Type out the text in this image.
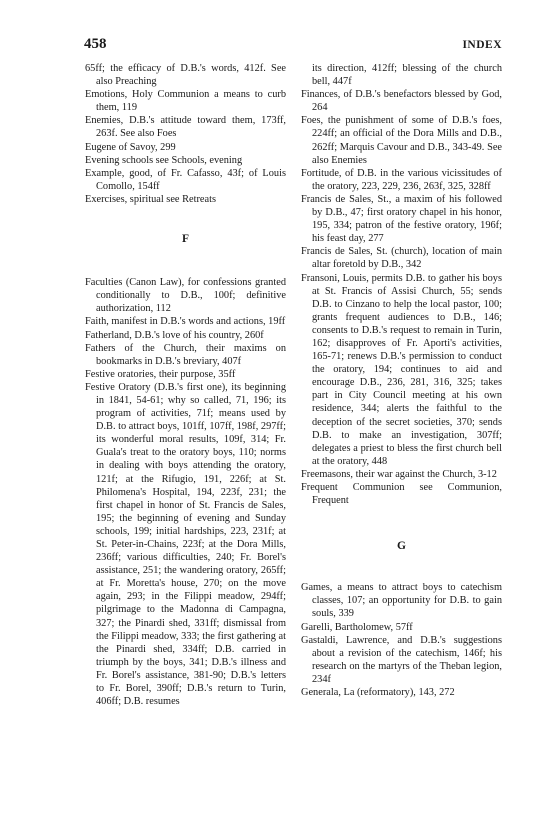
458	INDEX

65ff; the efficacy of D.B.'s words, 412f. See also Preaching

Emotions, Holy Communion a means to curb them, 119

Enemies, D.B.'s attitude toward them, 173ff, 263f. See also Foes

Eugene of Savoy, 299

Evening schools see Schools, evening

Example, good, of Fr. Cafasso, 43f; of Louis Comollo, 154ff

Exercises, spiritual see Retreats

F

Faculties (Canon Law), for confessions granted conditionally to D.B., 100f; definitive authorization, 112

Faith, manifest in D.B.'s words and actions, 19ff

Fatherland, D.B.'s love of his country, 260f

Fathers of the Church, their maxims on bookmarks in D.B.'s breviary, 407f

Festive oratories, their purpose, 35ff

Festive Oratory (D.B.'s first one), its beginning in 1841, 54-61; why so called, 71, 196; its program of activities, 71f; means used by D.B. to attract boys, 101ff, 107ff, 198f, 297ff; its wonderful moral results, 109f, 314; Fr. Guala's treat to the oratory boys, 110; norms in dealing with boys attending the oratory, 121f; at the Rifugio, 191, 226f; at St. Philomena's Hospital, 194, 223f, 231; the first chapel in honor of St. Francis de Sales, 195; the beginning of evening and Sunday schools, 199; initial hardships, 223, 231f; at St. Peter-in-Chains, 223f; at the Dora Mills, 236ff; various difficulties, 240; Fr. Borel's assistance, 251; the wandering oratory, 265ff; at Fr. Moretta's house, 270; on the move again, 293; in the Filippi meadow, 294ff; pilgrimage to the Madonna di Campagna, 327; the Pinardi shed, 331ff; dismissal from the Filippi meadow, 333; the first gathering at the Pinardi shed, 334ff; D.B. carried in triumph by the boys, 341; D.B.'s illness and Fr. Borel's assistance, 381-90; D.B.'s letters to Fr. Borel, 390ff; D.B.'s return to Turin, 406ff; D.B. resumes

its direction, 412ff; blessing of the church bell, 447f

Finances, of D.B.'s benefactors blessed by God, 264

Foes, the punishment of some of D.B.'s foes, 224ff; an official of the Dora Mills and D.B., 262ff; Marquis Cavour and D.B., 343-49. See also Enemies

Fortitude, of D.B. in the various vicissitudes of the oratory, 223, 229, 236, 263f, 325, 328ff

Francis de Sales, St., a maxim of his followed by D.B., 47; first oratory chapel in his honor, 195, 334; patron of the festive oratory, 196f; his feast day, 277

Francis de Sales, St. (church), location of main altar foretold by D.B., 342

Fransoni, Louis, permits D.B. to gather his boys at St. Francis of Assisi Church, 55; sends D.B. to Cinzano to help the local pastor, 100; grants frequent audiences to D.B., 146; consents to D.B.'s request to remain in Turin, 162; disapproves of Fr. Aporti's activities, 165-71; renews D.B.'s permission to conduct the oratory, 194; continues to aid and encourage D.B., 236, 281, 316, 325; takes part in City Council meeting at his own residence, 344; alerts the faithful to the deception of the secret societies, 370; sends D.B. to make an investigation, 307ff; delegates a priest to bless the first church bell at the oratory, 448

Freemasons, their war against the Church, 3-12

Frequent Communion see Communion, Frequent

G

Games, a means to attract boys to catechism classes, 107; an opportunity for D.B. to gain souls, 339

Garelli, Bartholomew, 57ff

Gastaldi, Lawrence, and D.B.'s suggestions about a revision of the catechism, 146f; his research on the martyrs of the Theban legion, 234f

Generala, La (reformatory), 143, 272
